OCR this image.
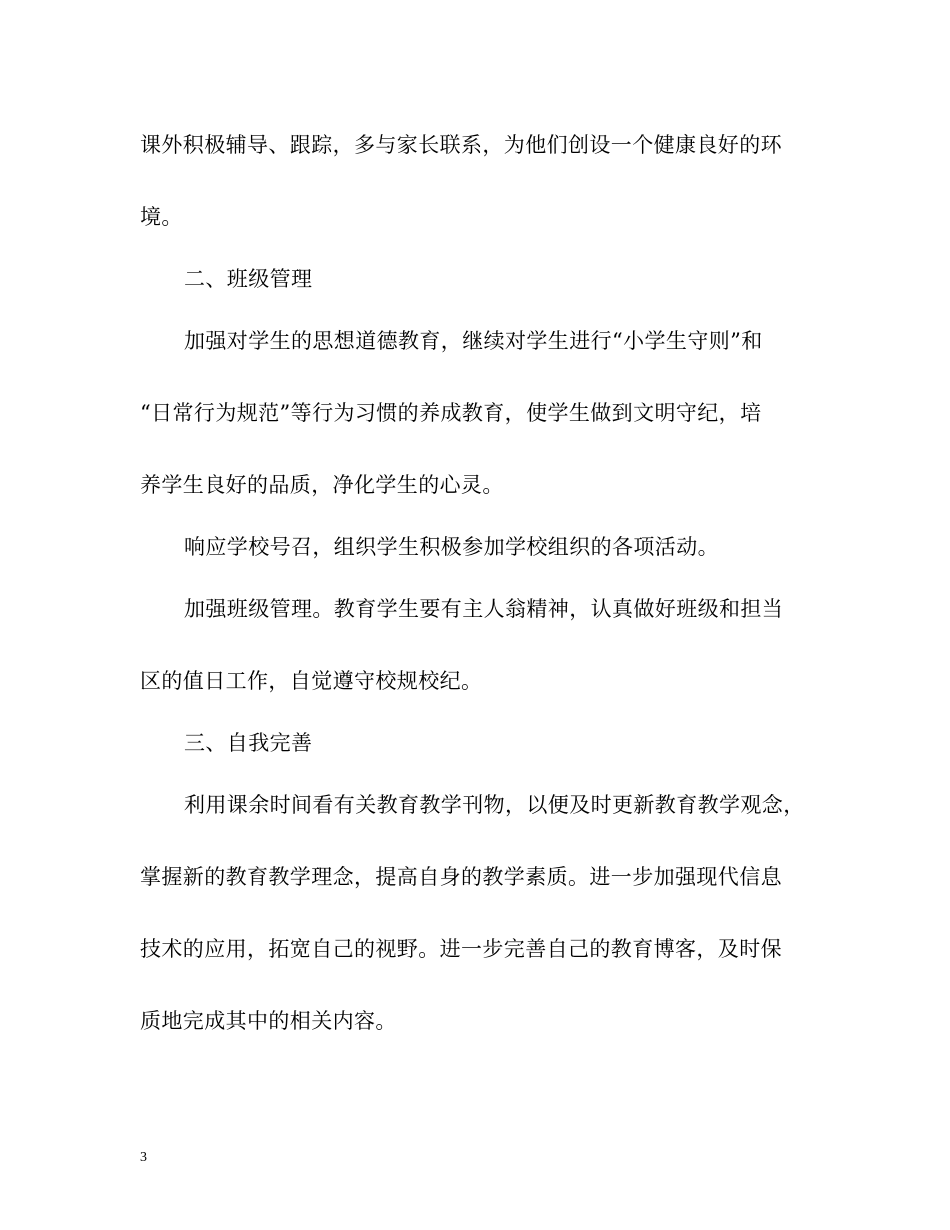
课外积极辅导、跟踪，多与家长联系，为他们创设一个健康良好的环
境。
二、班级管理
加强对学生的思想道德教育，继续对学生进行“小学生守则”和
“日常行为规范”等行为习惯的养成教育，使学生做到文明守纪，培
养学生良好的品质，净化学生的心灵。
响应学校号召，组织学生积极参加学校组织的各项活动。
加强班级管理。教育学生要有主人翁精神，认真做好班级和担当
区的值日工作，自觉遵守校规校纪。
三、自我完善
利用课余时间看有关教育教学刊物，以便及时更新教育教学观念，
掌握新的教育教学理念，提高自身的教学素质。进一步加强现代信息
技术的应用，拓宽自己的视野。进一步完善自己的教育博客，及时保
质地完成其中的相关内容。
3
